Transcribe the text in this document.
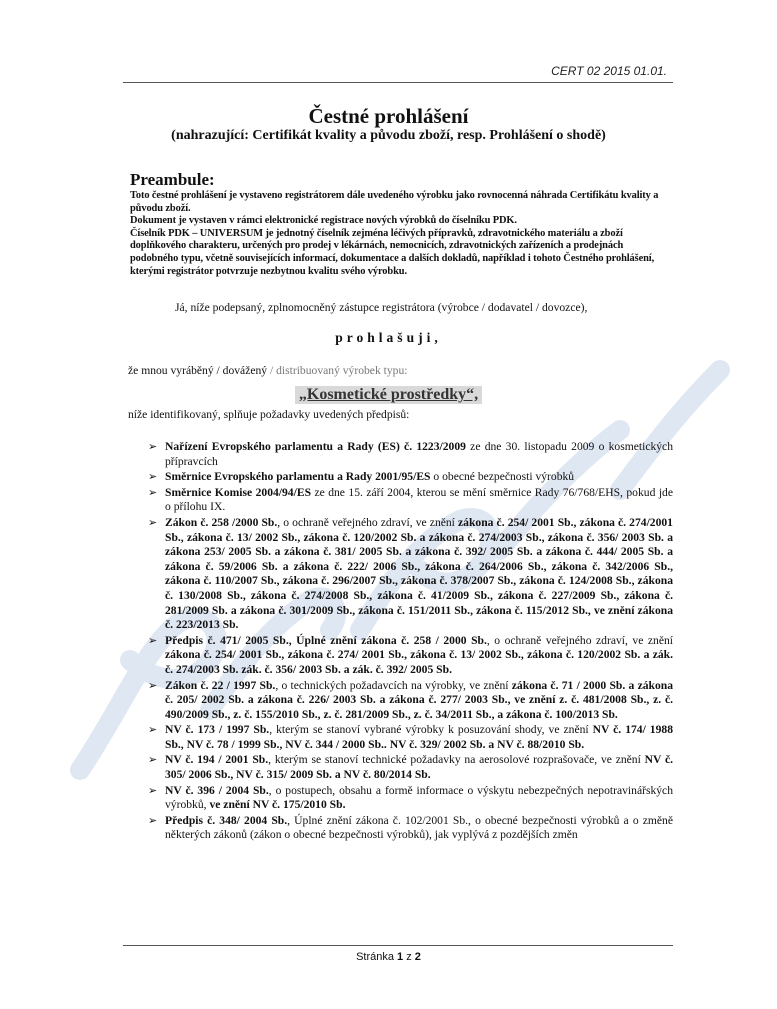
CERT 02 2015 01.01.
Čestné prohlášení
(nahrazující: Certifikát kvality a původu zboží, resp. Prohlášení o shodě)
Preambule:

Toto čestné prohlášení je vystaveno registrátorem dále uvedeného výrobku jako rovnocenná náhrada Certifikátu kvality a původu zboží.

Dokument je vystaven v rámci elektronické registrace nových výrobků do číselníku PDK.

Číselník PDK – UNIVERSUM je jednotný číselník zejména léčivých přípravků, zdravotnického materiálu a zboží doplňkového charakteru, určených pro prodej v lékárnách, nemocnicích, zdravotnických zařízeních a prodejnách podobného typu, včetně souvisejících informací, dokumentace a dalších dokladů, například i tohoto Čestného prohlášení, kterými registrátor potvrzuje nezbytnou kvalitu svého výrobku.

Já, níže podepsaný, zplnomocněný zástupce registrátora (výrobce / dodavatel / dovozce),
prohlašuji,
že mnou vyráběný / dovážený / distribuovaný výrobek typu:
„Kosmetické prostředky“,
níže identifikovaný, splňuje požadavky uvedených předpisů:
➢ Nařízení Evropského parlamentu a Rady (ES) č. 1223/2009 ze dne 30. listopadu 2009 o kosmetických přípravcích
➢ Směrnice Evropského parlamentu a Rady 2001/95/ES o obecné bezpečnosti výrobků
➢ Směrnice Komise 2004/94/ES ze dne 15. září 2004, kterou se mění směrnice Rady 76/768/EHS, pokud jde o přílohu IX.
➢ Zákon č. 258 /2000 Sb., o ochraně veřejného zdraví, ve znění zákona č. 254/ 2001 Sb., zákona č. 274/2001 Sb., zákona č. 13/ 2002 Sb., zákona č. 120/2002 Sb. a zákona č. 274/2003 Sb., zákona č. 356/ 2003 Sb. a zákona 253/ 2005 Sb. a zákona č. 381/ 2005 Sb. a zákona č. 392/ 2005 Sb. a zákona č. 444/ 2005 Sb. a zákona č. 59/2006 Sb. a zákona č. 222/ 2006 Sb., zákona č. 264/2006 Sb., zákona č. 342/2006 Sb., zákona č. 110/2007 Sb., zákona č. 296/2007 Sb., zákona č. 378/2007 Sb., zákona č. 124/2008 Sb., zákona č. 130/2008 Sb., zákona č. 274/2008 Sb., zákona č. 41/2009 Sb., zákona č. 227/2009 Sb., zákona č. 281/2009 Sb. a zákona č. 301/2009 Sb., zákona č. 151/2011 Sb., zákona č. 115/2012 Sb., ve znění zákona č. 223/2013 Sb.
➢ Předpis č. 471/ 2005 Sb., Úplné znění zákona č. 258 / 2000 Sb., o ochraně veřejného zdraví, ve znění zákona č. 254/ 2001 Sb., zákona č. 274/ 2001 Sb., zákona č. 13/ 2002 Sb., zákona č. 120/2002 Sb. a zák. č. 274/2003 Sb. zák. č. 356/ 2003 Sb. a zák. č. 392/ 2005 Sb.
➢ Zákon č. 22 / 1997 Sb., o technických požadavcích na výrobky, ve znění zákona č. 71 / 2000 Sb. a zákona č. 205/ 2002 Sb. a zákona č. 226/ 2003 Sb. a zákona č. 277/ 2003 Sb., ve znění z. č. 481/2008 Sb., z. č. 490/2009 Sb., z. č. 155/2010 Sb., z. č. 281/2009 Sb., z. č. 34/2011 Sb., a zákona č. 100/2013 Sb.
➢ NV č. 173 / 1997 Sb., kterým se stanoví vybrané výrobky k posuzování shody, ve znění NV č. 174/ 1988 Sb., NV č. 78 / 1999 Sb., NV č. 344 / 2000 Sb.. NV č. 329/ 2002 Sb. a NV č. 88/2010 Sb.
➢ NV č. 194 / 2001 Sb., kterým se stanoví technické požadavky na aerosolové rozprašovače, ve znění NV č. 305/ 2006 Sb., NV č. 315/ 2009 Sb. a NV č. 80/2014 Sb.
➢ NV č. 396 / 2004 Sb., o postupech, obsahu a formě informace o výskytu nebezpečných nepotravinářských výrobků, ve znění NV č. 175/2010 Sb.
➢ Předpis č. 348/ 2004 Sb., Úplné znění zákona č. 102/2001 Sb., o obecné bezpečnosti výrobků a o změně některých zákonů (zákon o obecné bezpečnosti výrobků), jak vyplývá z pozdějších změn
Stránka 1 z 2
